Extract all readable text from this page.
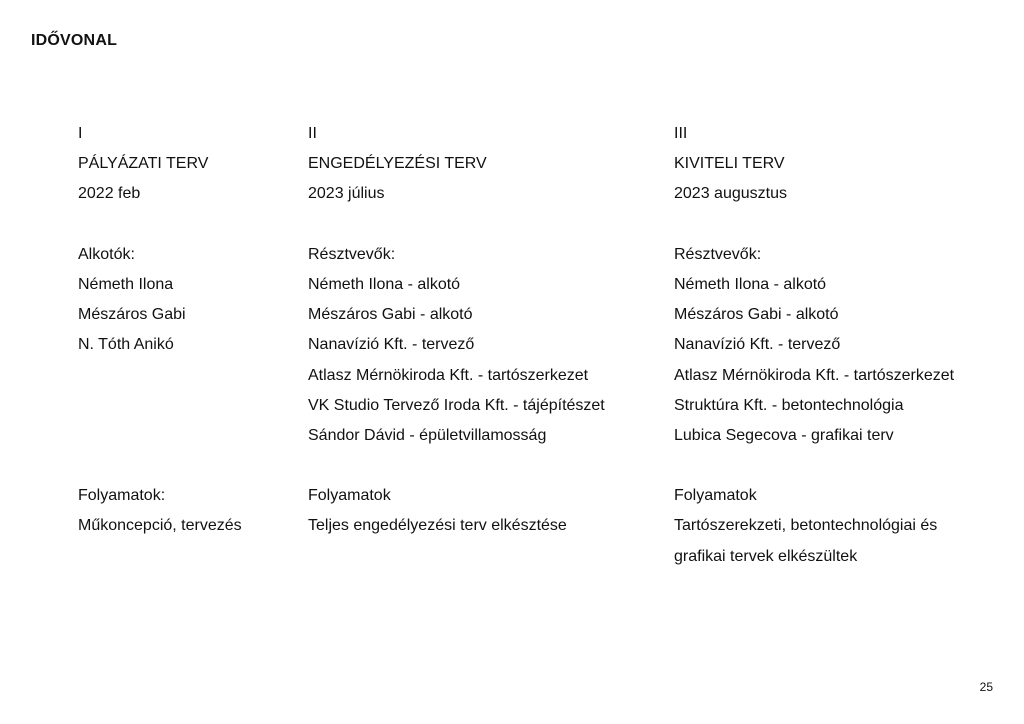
IDŐVONAL
I
PÁLYÁZATI TERV
2022 feb
Alkotók:
Németh Ilona
Mészáros Gabi
N. Tóth Anikó
Folyamatok:
Műkoncepció, tervezés
II
ENGEDÉLYEZÉSI TERV
2023 július
Résztvevők:
Németh Ilona - alkotó
Mészáros Gabi - alkotó
Nanavízió Kft. - tervező
Atlasz Mérnökiroda Kft. - tartószerkezet
VK Studio Tervező Iroda Kft. - tájépítészet
Sándor Dávid - épületvillamosság
Folyamatok
Teljes engedélyezési terv elkésztése
III
KIVITELI TERV
2023 augusztus
Résztvevők:
Németh Ilona - alkotó
Mészáros Gabi - alkotó
Nanavízió Kft. - tervező
Atlasz Mérnökiroda Kft. - tartószerkezet
Struktúra Kft. - betontechnológia
Lubica Segecova - grafikai terv
Folyamatok
Tartószerekzeti, betontechnológiai és
grafikai tervek elkészültek
25
